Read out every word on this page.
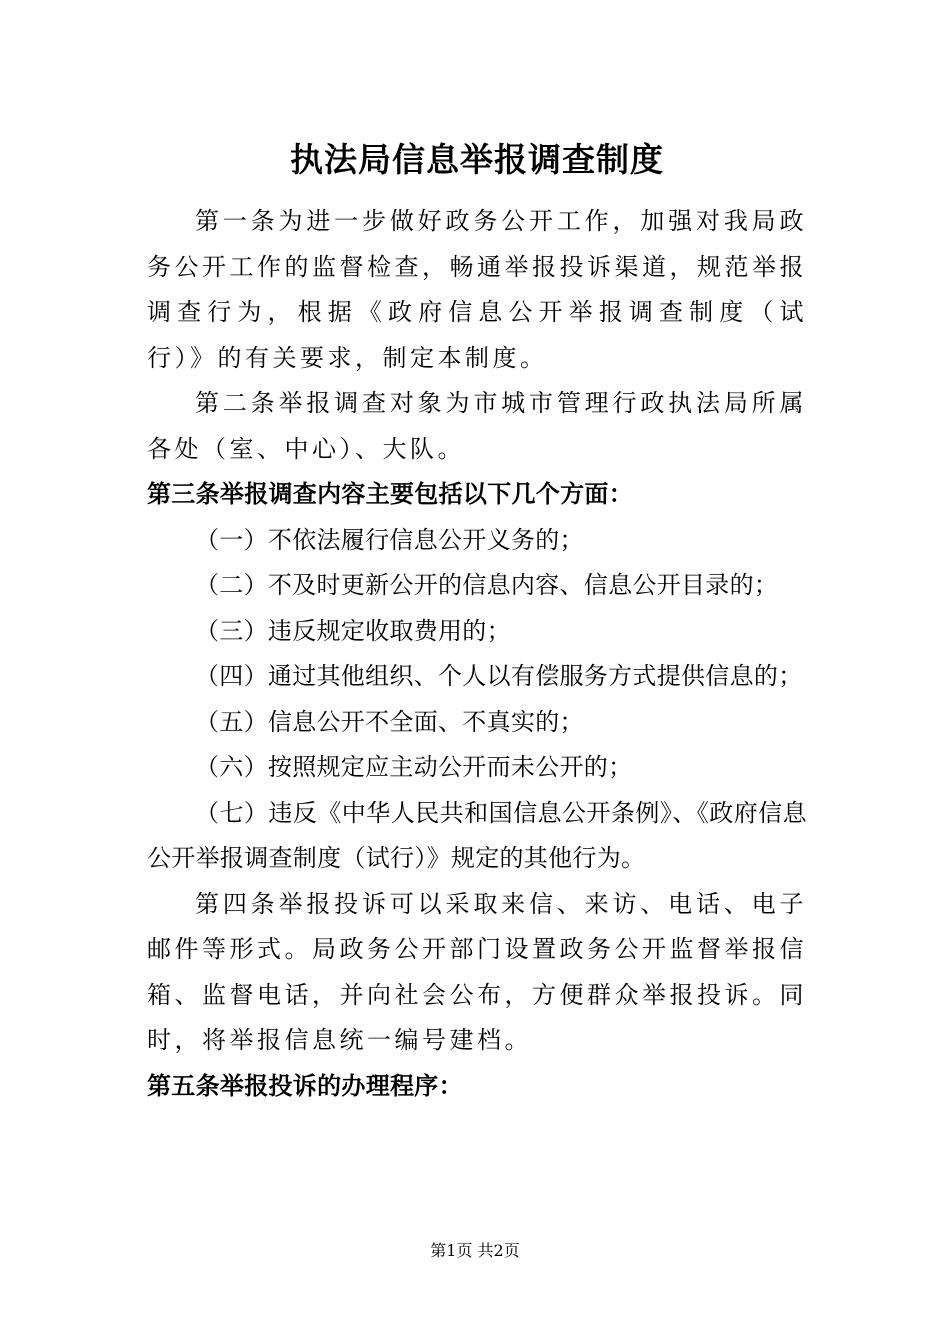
执法局信息举报调查制度

第一条为进一步做好政务公开工作，加强对我局政务公开工作的监督检查，畅通举报投诉渠道，规范举报调查行为，根据《政府信息公开举报调查制度（试行）》的有关要求，制定本制度。

第二条举报调查对象为市城市管理行政执法局所属各处（室、中心）、大队。

第三条举报调查内容主要包括以下几个方面：

（一）不依法履行信息公开义务的；

（二）不及时更新公开的信息内容、信息公开目录的；

（三）违反规定收取费用的；

（四）通过其他组织、个人以有偿服务方式提供信息的；

（五）信息公开不全面、不真实的；

（六）按照规定应主动公开而未公开的；

（七）违反《中华人民共和国信息公开条例》、《政府信息公开举报调查制度（试行）》规定的其他行为。

第四条举报投诉可以采取来信、来访、电话、电子邮件等形式。局政务公开部门设置政务公开监督举报信箱、监督电话，并向社会公布，方便群众举报投诉。同时，将举报信息统一编号建档。

第五条举报投诉的办理程序：

第1页 共2页
